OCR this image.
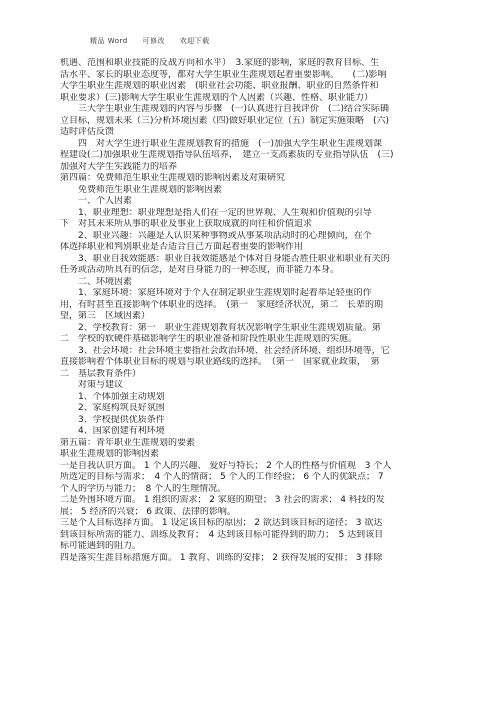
精品 Word 可修改 欢迎下载
机遇、范围和职业技能的反战方向和水平）　3.家庭的影响，家庭的教育目标、生
活水平、家长的职业态度等，都对大学生职业生涯规划起着重要影响。　　(二)影响
大学生职业生涯规划的职业因素　(职业社会功能、职业报酬、职业的自然条件和
职业要求）(三)影响大学生职业生涯规划的个人因素（兴趣、性格、职业能力）
　　三大学生职业生涯规划的内容与步骤　(一)认真进行自我评价　(二)结合实际确
立目标，规划未来（三)分析环境因素（四)做好职业定位（五）制定实施策略　(六)
适时评估反馈
　　四　对大学生进行职业生涯规划教育的措施　(一)加强大学生职业生涯规划课
程建设(二)加强职业生涯规划指导队伍培养，　建立一支高素质的专业指导队伍　(三)
加强对大学生实践能力的培养
第四篇：免费师范生职业生涯规划的影响因素及对策研究
　　免费师范生职业生涯规划的影响因素
　　一、个人因素
　　1、职业理想：职业理想是指人们在一定的世界观、人生观和价值观的引导
下　对其未来所从事的职业及事业上获取成就的向往和价值追求
　　2、职业兴趣：兴趣是人认识某种事物或从事某项活动时的心理倾向，在个
体选择职业和判别职业是否适合自己方面起着重要的影响作用
　　3、职业自我效能感：职业自我效能感是个体对自身能否胜任职业和职业有关的
任务或活动所具有的信念，是对自身能力的一种态度，而非能力本身。
　　二、环境因素
　　1、家庭环境：家庭环境对于个人在制定职业生涯规划时起着举足轻重的作
用，有时甚至直接影响个体职业的选择。　(第一　家庭经济状况，第二　长辈的期
望，第三　区域因素）
　　2、学校教育：第一　职业生涯规划教育状况影响学生职业生涯规划质量。第
二　学校的软硬件基础影响学生的职业准备和阶段性职业生涯规划的实施。
　　3、社会环境：社会环境主要指社会政治环境、社会经济环境、组织环境等，它
直接影响着个体职业目标的规划与职业路线的选择。　（第一　国家就业政策，　第
二　基层教育条件）
　　对策与建议
　　1、个体加强主动规划
　　2、家庭构筑良好氛围
　　3、学校提供优质条件
　　4、国家创建有利环境
第五篇：青年职业生涯规划的要素
职业生涯规划的影响因素
一是自我认识方面。 1 个人的兴趣、 爱好与特长； 2 个人的性格与价值观　3 个人
所选定的目标与需求；　4 个人的情商； 5 个人的工作经验； 6 个人的优缺点； 7
个人的学历与能力；　8 个人的生理情况。
二是外围环境方面。 1 组织的需求； 2 家庭的期望； 3 社会的需求； 4 科技的发
展； 5 经济的兴衰； 6 政策、法律的影响。
三是个人目标选择方面。 1 设定该目标的原因； 2 欲达到该目标的途径； 3 欲达
到该目标所需的能力、训练及教育；　4 达到该目标可能得到的助力；　5 达到该目
标可能遇到的阻力。
四是落实生涯目标措施方面。 1 教育、训练的安排； 2 获得发展的安排； 3 排除
